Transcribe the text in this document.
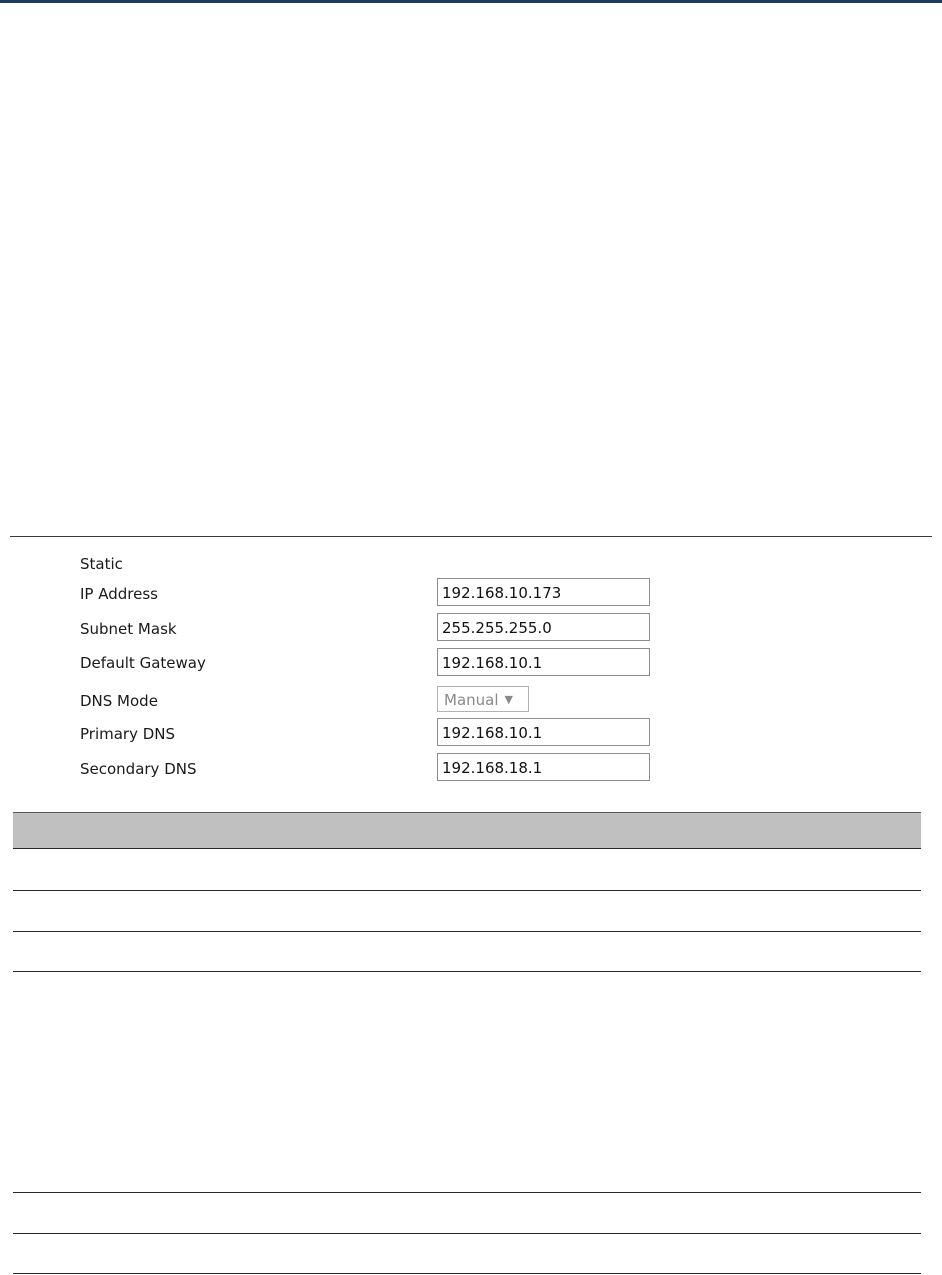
Static
IP Address	192.168.10.173
Subnet Mask	255.255.255.0
Default Gateway	192.168.10.1
DNS Mode	Manual ▼
Primary DNS	192.168.10.1
Secondary DNS	192.168.18.1
